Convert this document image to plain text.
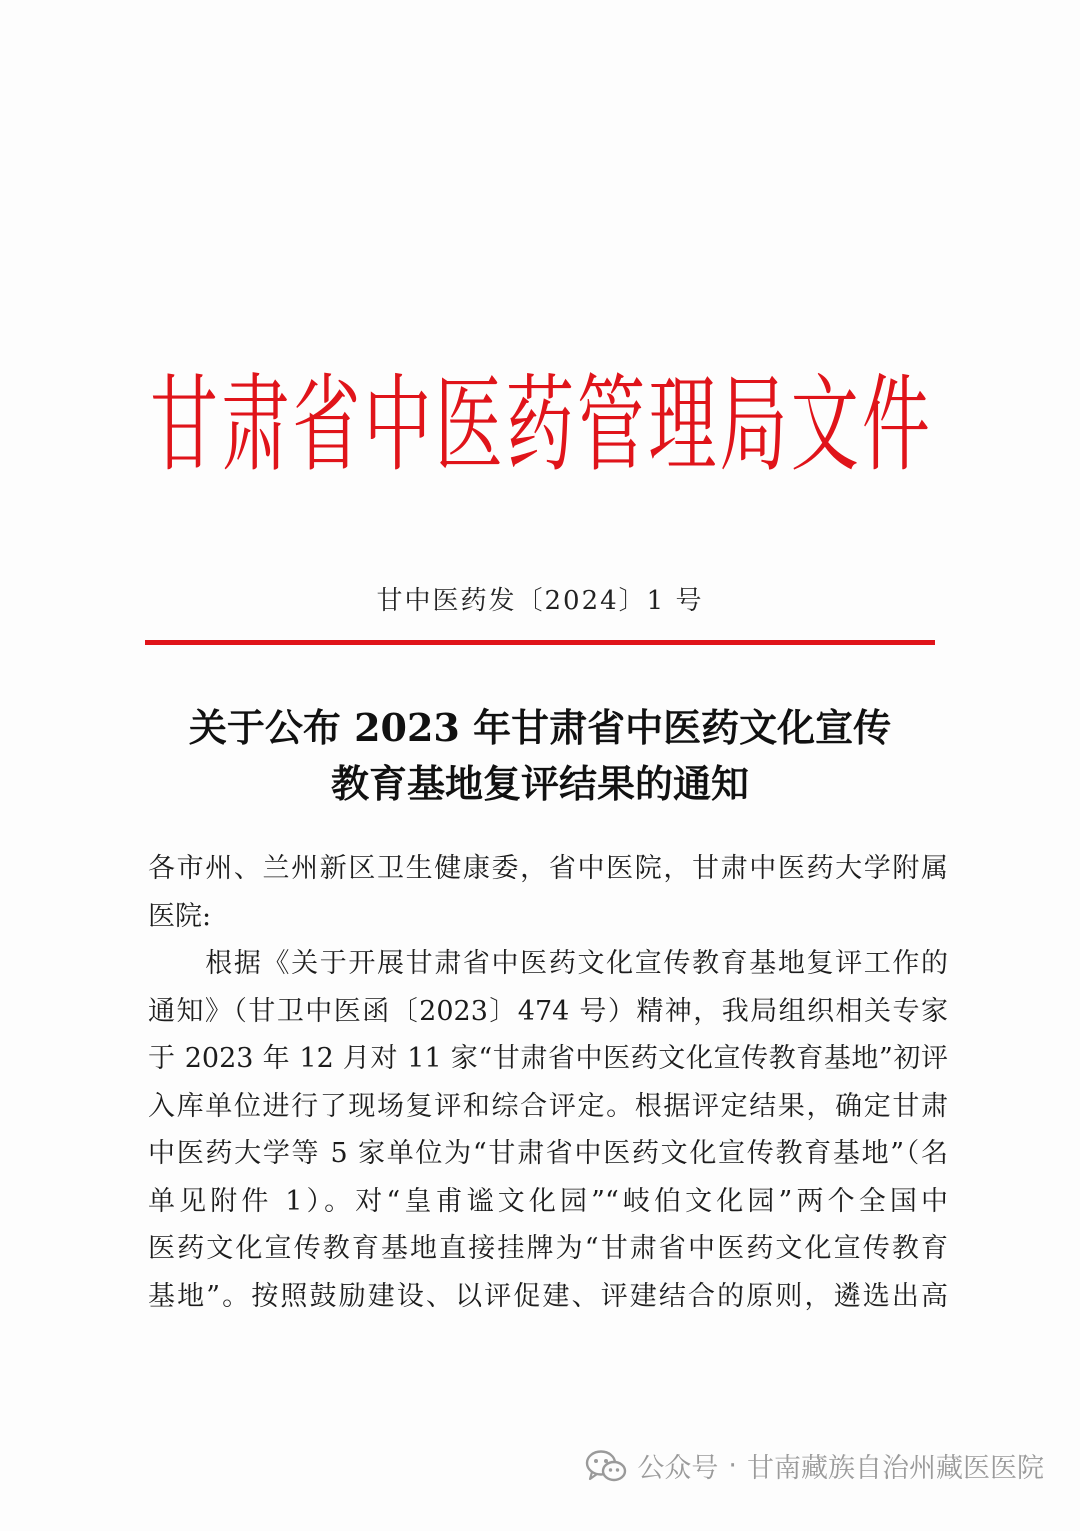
甘 肃 省 中 医 药 管 理 局 文 件
甘中医药发〔2024〕1 号
关于公布 2023 年甘肃省中医药文化宣传
教育基地复评结果的通知
各市州、兰州新区卫生健康委，省中医院，甘肃中医药大学附属
医院:
　　根据《关于开展甘肃省中医药文化宣传教育基地复评工作的
通知》（甘卫中医函〔2023〕474 号）精神，我局组织相关专家
于 2023 年 12 月对 11 家“甘肃省中医药文化宣传教育基地”初评
入库单位进行了现场复评和综合评定。根据评定结果，确定甘肃
中医药大学等 5 家单位为“甘肃省中医药文化宣传教育基地”（名
单见附件 1）。对“皇甫谧文化园”“岐伯文化园”两个全国中
医药文化宣传教育基地直接挂牌为“甘肃省中医药文化宣传教育
基地”。按照鼓励建设、以评促建、评建结合的原则，遴选出高
公众号 · 甘南藏族自治州藏医医院
